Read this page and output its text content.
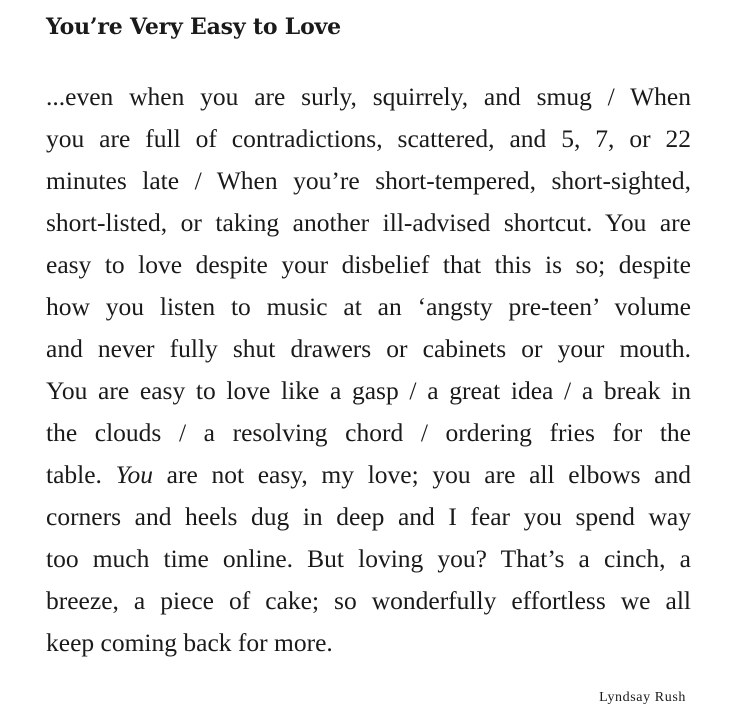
You’re Very Easy to Love
...even when you are surly, squirrely, and smug / When
you are full of contradictions, scattered, and 5, 7, or 22
minutes late / When you’re short-tempered, short-sighted,
short-listed, or taking another ill-advised shortcut. You are
easy to love despite your disbelief that this is so; despite
how you listen to music at an ‘angsty pre-teen’ volume
and never fully shut drawers or cabinets or your mouth.
You are easy to love like a gasp / a great idea / a break in
the clouds / a resolving chord / ordering fries for the
table. You are not easy, my love; you are all elbows and
corners and heels dug in deep and I fear you spend way
too much time online. But loving you? That’s a cinch, a
breeze, a piece of cake; so wonderfully effortless we all
keep coming back for more.

Lyndsay Rush
